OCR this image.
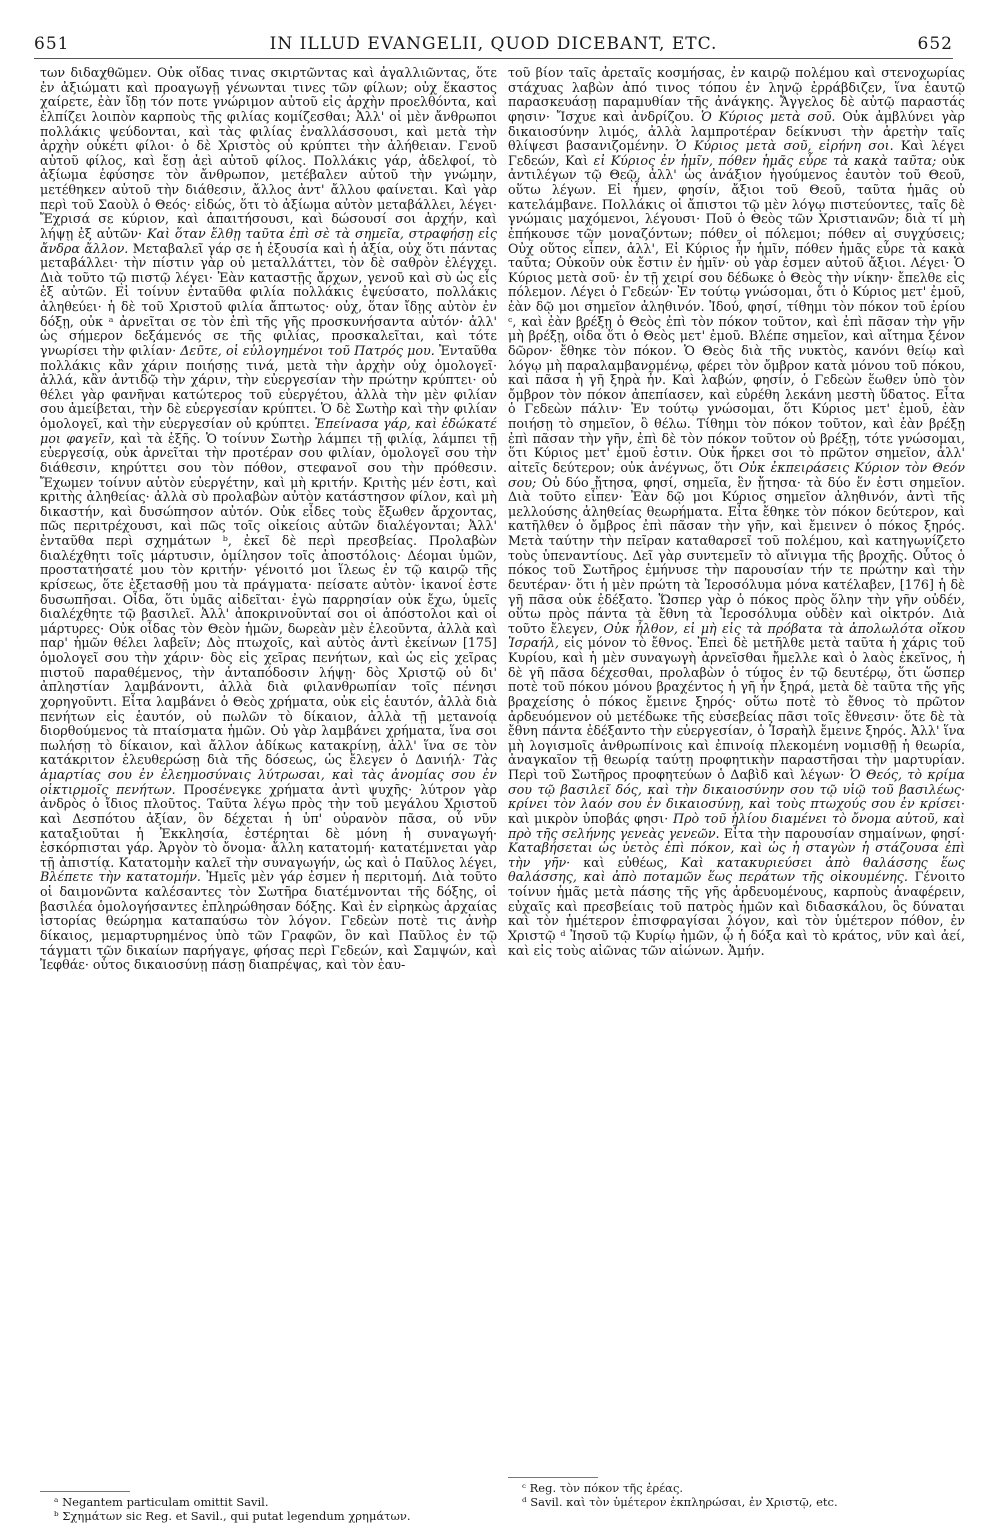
651	IN ILLUD EVANGELII, QUOD DICEBANT, ETC.	652

των διδαχθῶμεν. Οὐκ οἴδας τινας σκιρτῶντας καὶ ἀγαλλιῶντας, ὅτε ἐν ἀξιώματι καὶ προαγωγῇ γένωνται τινες τῶν φίλων; οὐχ ἕκαστος χαίρετε, ἐὰν ἴδῃ τόν ποτε γνώριμον αὐτοῦ εἰς ἀρχὴν προελθόντα, καὶ ἐλπίζει λοιπὸν καρποὺς τῆς φιλίας κομίζεσθαι; Ἀλλ' οἱ μὲν ἄνθρωποι πολλάκις ψεύδονται, καὶ τὰς φιλίας ἐναλλάσσουσι, καὶ μετὰ τὴν ἀρχὴν οὐκέτι φίλοι· ὁ δὲ Χριστὸς οὐ κρύπτει τὴν ἀλήθειαν. Γενοῦ αὐτοῦ φίλος, καὶ ἔσῃ ἀεὶ αὐτοῦ φίλος. Πολλάκις γάρ, ἀδελφοί, τὸ ἀξίωμα ἐφύσησε τὸν ἄνθρωπον, μετέβαλεν αὐτοῦ τὴν γνώμην, μετέθηκεν αὐτοῦ τὴν διάθεσιν, ἄλλος ἀντ' ἄλλου φαίνεται. Καὶ γὰρ περὶ τοῦ Σαοὺλ ὁ Θεός· εἰδώς, ὅτι τὸ ἀξίωμα αὐτὸν μεταβάλλει, λέγει· Ἔχρισά σε κύριον, καὶ ἀπαιτήσουσι, καὶ δώσουσί σοι ἀρχήν, καὶ λήψῃ ἐξ αὐτῶν· Καὶ ὅταν ἔλθῃ ταῦτα ἐπὶ σὲ τὰ σημεῖα, στραφήσῃ εἰς ἄνδρα ἄλλον. Μεταβαλεῖ γάρ σε ἡ ἐξουσία καὶ ἡ ἀξία, οὐχ ὅτι πάντας μεταβάλλει· τὴν πίστιν γὰρ οὐ μεταλλάττει, τὸν δὲ σαθρὸν ἐλέγχει. Διὰ τοῦτο τῷ πιστῷ λέγει· Ἐὰν καταστῇς ἄρχων, γενοῦ καὶ σὺ ὡς εἷς ἐξ αὐτῶν. Εἰ τοίνυν ἐνταῦθα φιλία πολλάκις ἐψεύσατο, πολλάκις ἀληθεύει· ἡ δὲ τοῦ Χριστοῦ φιλία ἄπτωτος· οὐχ, ὅταν ἴδῃς αὐτὸν ἐν δόξῃ, οὐκ ᵃ ἀρνεῖται σε τὸν ἐπὶ τῆς γῆς προσκυνήσαντα αὐτόν· ἀλλ' ὡς σήμερον δεξάμενός σε τῆς φιλίας, προσκαλεῖται, καὶ τότε γνωρίσει τὴν φιλίαν· Δεῦτε, οἱ εὐλογημένοι τοῦ Πατρός μου. Ἐνταῦθα πολλάκις κἂν χάριν ποιήσῃς τινά, μετὰ τὴν ἀρχὴν οὐχ ὁμολογεῖ· ἀλλά, κἂν ἀντιδῷ τὴν χάριν, τὴν εὐεργεσίαν τὴν πρώτην κρύπτει· οὐ θέλει γὰρ φανῆναι κατώτερος τοῦ εὐεργέτου, ἀλλὰ τὴν μὲν φιλίαν σου ἀμείβεται, τὴν δὲ εὐεργεσίαν κρύπτει. Ὁ δὲ Σωτὴρ καὶ τὴν φιλίαν ὁμολογεῖ, καὶ τὴν εὐεργεσίαν οὐ κρύπτει. Ἐπείνασα γάρ, καὶ ἐδώκατέ μοι φαγεῖν, καὶ τὰ ἑξῆς. Ὁ τοίνυν Σωτὴρ λάμπει τῇ φιλίᾳ, λάμπει τῇ εὐεργεσίᾳ, οὐκ ἀρνεῖται τὴν προτέραν σου φιλίαν, ὁμολογεῖ σου τὴν διάθεσιν, κηρύττει σου τὸν πόθον, στεφανοῖ σου τὴν πρόθεσιν. Ἔχωμεν τοίνυν αὐτὸν εὐεργέτην, καὶ μὴ κριτήν. Κριτὴς μέν ἐστι, καὶ κριτὴς ἀληθείας· ἀλλὰ σὺ προλαβὼν αὐτὸν κατάστησον φίλον, καὶ μὴ δικαστήν, καὶ δυσώπησον αὐτόν. Οὐκ εἶδες τοὺς ἔξωθεν ἄρχοντας, πῶς περιτρέχουσι, καὶ πῶς τοῖς οἰκείοις αὐτῶν διαλέγονται; Ἀλλ' ἐνταῦθα περὶ σχημάτων ᵇ, ἐκεῖ δὲ περὶ πρεσβείας. Προλαβὼν διαλέχθητι τοῖς μάρτυσιν, ὁμίλησον τοῖς ἀποστόλοις· Δέομαι ὑμῶν, προστατήσατέ μου τὸν κριτήν· γένοιτό μοι ἵλεως ἐν τῷ καιρῷ τῆς κρίσεως, ὅτε ἐξετασθῇ μου τὰ πράγματα· πείσατε αὐτὸν· ἱκανοί ἐστε δυσωπῆσαι. Οἶδα, ὅτι ὑμᾶς αἰδεῖται· ἐγὼ παρρησίαν οὐκ ἔχω, ὑμεῖς διαλέχθητε τῷ βασιλεῖ. Ἀλλ' ἀποκρινοῦνταί σοι οἱ ἀπόστολοι καὶ οἱ μάρτυρες· Οὐκ οἶδας τὸν Θεὸν ἡμῶν, δωρεὰν μὲν ἐλεοῦντα, ἀλλὰ καὶ παρ' ἡμῶν θέλει λαβεῖν; Δὸς πτωχοῖς, καὶ αὐτὸς ἀντὶ ἐκείνων [175] ὁμολογεῖ σου τὴν χάριν· δὸς εἰς χεῖρας πενήτων, καὶ ὡς εἰς χεῖρας πιστοῦ παραθέμενος, τὴν ἀνταπόδοσιν λήψῃ· δὸς Χριστῷ οὐ δι' ἀπληστίαν λαμβάνοντι, ἀλλὰ διὰ φιλανθρωπίαν τοῖς πένησι χορηγοῦντι. Εἶτα λαμβάνει ὁ Θεὸς χρήματα, οὐκ εἰς ἑαυτόν, ἀλλὰ διὰ πενήτων εἰς ἑαυτόν, οὐ πωλῶν τὸ δίκαιον, ἀλλὰ τῇ μετανοίᾳ διορθούμενος τὰ πταίσματα ἡμῶν. Οὐ γὰρ λαμβάνει χρήματα, ἵνα σοι πωλήσῃ τὸ δίκαιον, καὶ ἄλλον ἀδίκως κατακρίνῃ, ἀλλ' ἵνα σε τὸν κατάκριτον ἐλευθερώσῃ διὰ τῆς δόσεως, ὡς ἔλεγεν ὁ Δανιήλ· Τὰς ἁμαρτίας σου ἐν ἐλεημοσύναις λύτρωσαι, καὶ τὰς ἀνομίας σου ἐν οἰκτιρμοῖς πενήτων. Προσένεγκε χρήματα ἀντὶ ψυχῆς· λύτρον γὰρ ἀνδρὸς ὁ ἴδιος πλοῦτος. Ταῦτα λέγω πρὸς τὴν τοῦ μεγάλου Χριστοῦ καὶ Δεσπότου ἀξίαν, ὃν δέχεται ἡ ὑπ' οὐρανὸν πᾶσα, οὗ νῦν καταξιοῦται ἡ Ἐκκλησία, ἐστέρηται δὲ μόνη ἡ συναγωγή· ἐσκόρπισται γάρ. Ἀργὸν τὸ ὄνομα· ἄλλη κατατομή· κατατέμνεται γὰρ τῇ ἀπιστίᾳ. Κατατομὴν καλεῖ τὴν συναγωγήν, ὡς καὶ ὁ Παῦλος λέγει, Βλέπετε τὴν κατατομήν. Ἡμεῖς μὲν γάρ ἐσμεν ἡ περιτομή. Διὰ τοῦτο οἱ δαιμονῶντα καλέσαντες τὸν Σωτῆρα διατέμνονται τῆς δόξης, οἱ βασιλέα ὁμολογήσαντες ἐπληρώθησαν δόξης. Καὶ ἐν εἰρηκὼς ἀρχαίας ἱστορίας θεώρημα καταπαύσω τὸν λόγον. Γεδεὼν ποτὲ τις ἀνὴρ δίκαιος, μεμαρτυρημένος ὑπὸ τῶν Γραφῶν, ὃν καὶ Παῦλος ἐν τῷ τάγματι τῶν δικαίων παρήγαγε, φήσας περὶ Γεδεών, καὶ Σαμψών, καὶ Ἰεφθάε· οὗτος δικαιοσύνῃ πάσῃ διαπρέψας, καὶ τὸν ἑαυ-

τοῦ βίον ταῖς ἀρεταῖς κοσμήσας, ἐν καιρῷ πολέμου καὶ στενοχωρίας στάχυας λαβὼν ἀπό τινος τόπου ἐν ληνῷ ἐρράβδιζεν, ἵνα ἑαυτῷ παρασκευάσῃ παραμυθίαν τῆς ἀνάγκης. Ἄγγελος δὲ αὐτῷ παραστάς φησιν· Ἴσχυε καὶ ἀνδρίζου. Ὁ Κύριος μετὰ σοῦ. Οὐκ ἀμβλύνει γὰρ δικαιοσύνην λιμός, ἀλλὰ λαμπροτέραν δείκνυσι τὴν ἀρετὴν ταῖς θλίψεσι βασανιζομένην. Ὁ Κύριος μετὰ σοῦ, εἰρήνη σοι. Καὶ λέγει Γεδεών, Καὶ εἰ Κύριος ἐν ἡμῖν, πόθεν ἡμᾶς εὗρε τὰ κακὰ ταῦτα; οὐκ ἀντιλέγων τῷ Θεῷ, ἀλλ' ὡς ἀνάξιον ἡγούμενος ἑαυτὸν τοῦ Θεοῦ, οὕτω λέγων. Εἰ ἦμεν, φησίν, ἄξιοι τοῦ Θεοῦ, ταῦτα ἡμᾶς οὐ κατελάμβανε. Πολλάκις οἱ ἄπιστοι τῷ μὲν λόγῳ πιστεύοντες, ταῖς δὲ γνώμαις μαχόμενοι, λέγουσι· Ποῦ ὁ Θεὸς τῶν Χριστιανῶν; διὰ τί μὴ ἐπήκουσε τῶν μοναζόντων; πόθεν οἱ πόλεμοι; πόθεν αἱ συγχύσεις; Οὐχ οὕτος εἶπεν, ἀλλ', Εἰ Κύριος ἦν ἡμῖν, πόθεν ἡμᾶς εὗρε τὰ κακὰ ταῦτα; Οὐκοῦν οὐκ ἔστιν ἐν ἡμῖν· οὐ γὰρ ἐσμεν αὐτοῦ ἄξιοι. Λέγει· Ὁ Κύριος μετὰ σοῦ· ἐν τῇ χειρί σου δέδωκε ὁ Θεὸς τὴν νίκην· ἔπελθε εἰς πόλεμον. Λέγει ὁ Γεδεών· Ἐν τούτῳ γνώσομαι, ὅτι ὁ Κύριος μετ' ἐμοῦ, ἐὰν δῷ μοι σημεῖον ἀληθινόν. Ἰδού, φησί, τίθημι τὸν πόκον τοῦ ἐρίου ᶜ, καὶ ἐὰν βρέξῃ ὁ Θεὸς ἐπὶ τὸν πόκον τοῦτον, καὶ ἐπὶ πᾶσαν τὴν γῆν μὴ βρέξῃ, οἶδα ὅτι ὁ Θεὸς μετ' ἐμοῦ. Βλέπε σημεῖον, καὶ αἴτημα ξένον δῶρον· ἔθηκε τὸν πόκον. Ὁ Θεὸς διὰ τῆς νυκτὸς, κανόνι θείῳ καὶ λόγῳ μὴ παραλαμβανομένῳ, φέρει τὸν ὄμβρον κατὰ μόνου τοῦ πόκου, καὶ πᾶσα ἡ γῆ ξηρὰ ἦν. Καὶ λαβών, φησίν, ὁ Γεδεὼν ἕωθεν ὑπὸ τὸν ὄμβρον τὸν πόκον ἀπεπίασεν, καὶ εὑρέθη λεκάνη μεστὴ ὕδατος. Εἶτα ὁ Γεδεὼν πάλιν· Ἐν τούτῳ γνώσομαι, ὅτι Κύριος μετ' ἐμοῦ, ἐὰν ποιήσῃ τὸ σημεῖον, ὃ θέλω. Τίθημι τὸν πόκον τοῦτον, καὶ ἐὰν βρέξῃ ἐπὶ πᾶσαν τὴν γῆν, ἐπὶ δὲ τὸν πόκον τοῦτον οὐ βρέξῃ, τότε γνώσομαι, ὅτι Κύριος μετ' ἐμοῦ ἐστιν. Οὐκ ἤρκει σοι τὸ πρῶτον σημεῖον, ἀλλ' αἰτεῖς δεύτερον; οὐκ ἀνέγνως, ὅτι Οὐκ ἐκπειράσεις Κύριον τὸν Θεόν σου; Οὐ δύο ᾔτησα, φησί, σημεῖα, ἓν ᾔτησα· τὰ δύο ἕν ἐστι σημεῖον. Διὰ τοῦτο εἶπεν· Ἐὰν δῷ μοι Κύριος σημεῖον ἀληθινόν, ἀντὶ τῆς μελλούσης ἀληθείας θεωρήματα. Εἶτα ἔθηκε τὸν πόκον δεύτερον, καὶ κατῆλθεν ὁ ὄμβρος ἐπὶ πᾶσαν τὴν γῆν, καὶ ἔμεινεν ὁ πόκος ξηρός. Μετὰ ταύτην τὴν πεῖραν καταθαρσεῖ τοῦ πολέμου, καὶ κατηγωνίζετο τοὺς ὑπεναντίους. Δεῖ γὰρ συντεμεῖν τὸ αἴνιγμα τῆς βροχῆς. Οὗτος ὁ πόκος τοῦ Σωτῆρος ἐμήνυσε τὴν παρουσίαν τήν τε πρώτην καὶ τὴν δευτέραν· ὅτι ἡ μὲν πρώτη τὰ Ἱεροσόλυμα μόνα κατέλαβεν, [176] ἡ δὲ γῆ πᾶσα οὐκ ἐδέξατο. Ὥσπερ γὰρ ὁ πόκος πρὸς ὅλην τὴν γῆν οὐδέν, οὕτω πρὸς πάντα τὰ ἔθνη τὰ Ἱεροσόλυμα οὐδὲν καὶ οἰκτρόν. Διὰ τοῦτο ἔλεγεν, Οὐκ ἦλθον, εἰ μὴ εἰς τὰ πρόβατα τὰ ἀπολωλότα οἴκου Ἰσραήλ, εἰς μόνον τὸ ἔθνος. Ἐπεὶ δὲ μετῆλθε μετὰ ταῦτα ἡ χάρις τοῦ Κυρίου, καὶ ἡ μὲν συναγωγὴ ἀρνεῖσθαι ἤμελλε καὶ ὁ λαὸς ἐκεῖνος, ἡ δὲ γῆ πᾶσα δέχεσθαι, προλαβὼν ὁ τύπος ἐν τῷ δευτέρῳ, ὅτι ὥσπερ ποτὲ τοῦ πόκου μόνου βραχέντος ἡ γῆ ἦν ξηρά, μετὰ δὲ ταῦτα τῆς γῆς βραχείσης ὁ πόκος ἔμεινε ξηρός· οὕτω ποτὲ τὸ ἔθνος τὸ πρῶτον ἀρδευόμενον οὐ μετέδωκε τῆς εὐσεβείας πᾶσι τοῖς ἔθνεσιν· ὅτε δὲ τὰ ἔθνη πάντα ἐδέξαντο τὴν εὐεργεσίαν, ὁ Ἰσραὴλ ἔμεινε ξηρός. Ἀλλ' ἵνα μὴ λογισμοῖς ἀνθρωπίνοις καὶ ἐπινοίᾳ πλεκομένη νομισθῇ ἡ θεωρία, ἀναγκαῖον τῇ θεωρίᾳ ταύτῃ προφητικὴν παραστῆσαι τὴν μαρτυρίαν. Περὶ τοῦ Σωτῆρος προφητεύων ὁ Δαβὶδ καὶ λέγων· Ὁ Θεός, τὸ κρίμα σου τῷ βασιλεῖ δός, καὶ τὴν δικαιοσύνην σου τῷ υἱῷ τοῦ βασιλέως· κρίνει τὸν λαόν σου ἐν δικαιοσύνῃ, καὶ τοὺς πτωχούς σου ἐν κρίσει· καὶ μικρὸν ὑποβάς φησι· Πρὸ τοῦ ἡλίου διαμένει τὸ ὄνομα αὐτοῦ, καὶ πρὸ τῆς σελήνης γενεὰς γενεῶν. Εἶτα τὴν παρουσίαν σημαίνων, φησί· Καταβήσεται ὡς ὑετὸς ἐπὶ πόκον, καὶ ὡς ἡ σταγὼν ἡ στάζουσα ἐπὶ τὴν γῆν· καὶ εὐθέως, Καὶ κατακυριεύσει ἀπὸ θαλάσσης ἕως θαλάσσης, καὶ ἀπὸ ποταμῶν ἕως περάτων τῆς οἰκουμένης. Γένοιτο τοίνυν ἡμᾶς μετὰ πάσης τῆς γῆς ἀρδευομένους, καρποὺς ἀναφέρειν, εὐχαῖς καὶ πρεσβείαις τοῦ πατρὸς ἡμῶν καὶ διδασκάλου, ὃς δύναται καὶ τὸν ἡμέτερον ἐπισφραγίσαι λόγον, καὶ τὸν ὑμέτερον πόθον, ἐν Χριστῷ ᵈ Ἰησοῦ τῷ Κυρίῳ ἡμῶν, ᾧ ἡ δόξα καὶ τὸ κράτος, νῦν καὶ ἀεί, καὶ εἰς τοὺς αἰῶνας τῶν αἰώνων. Ἀμήν.

ᵃ Negantem particulam omittit Savil.

ᵇ Σχημάτων sic Reg. et Savil., qui putat legendum χρημάτων.

ᶜ Reg. τὸν πόκον τῆς ἐρέας.

ᵈ Savil. καὶ τὸν ὑμέτερον ἐκπληρώσαι, ἐν Χριστῷ, etc.
